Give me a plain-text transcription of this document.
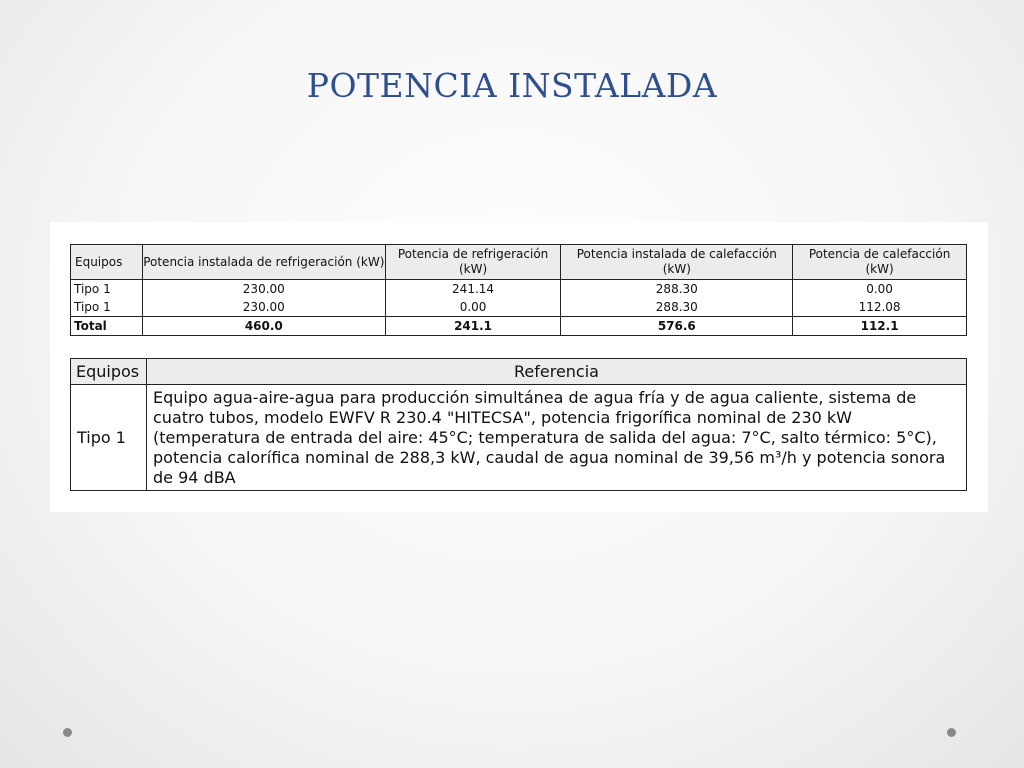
POTENCIA INSTALADA
Equipos	Potencia instalada de refrigeración (kW)	Potencia de refrigeración (kW)	Potencia instalada de calefacción (kW)	Potencia de calefacción (kW)
Tipo 1	230.00	241.14	288.30	0.00
Tipo 1	230.00	0.00	288.30	112.08
Total	460.0	241.1	576.6	112.1
Equipos	Referencia
Tipo 1	Equipo agua-aire-agua para producción simultánea de agua fría y de agua caliente, sistema de cuatro tubos, modelo EWFV R 230.4 "HITECSA", potencia frigorífica nominal de 230 kW (temperatura de entrada del aire: 45°C; temperatura de salida del agua: 7°C, salto térmico: 5°C), potencia calorífica nominal de 288,3 kW, caudal de agua nominal de 39,56 m³/h y potencia sonora de 94 dBA
